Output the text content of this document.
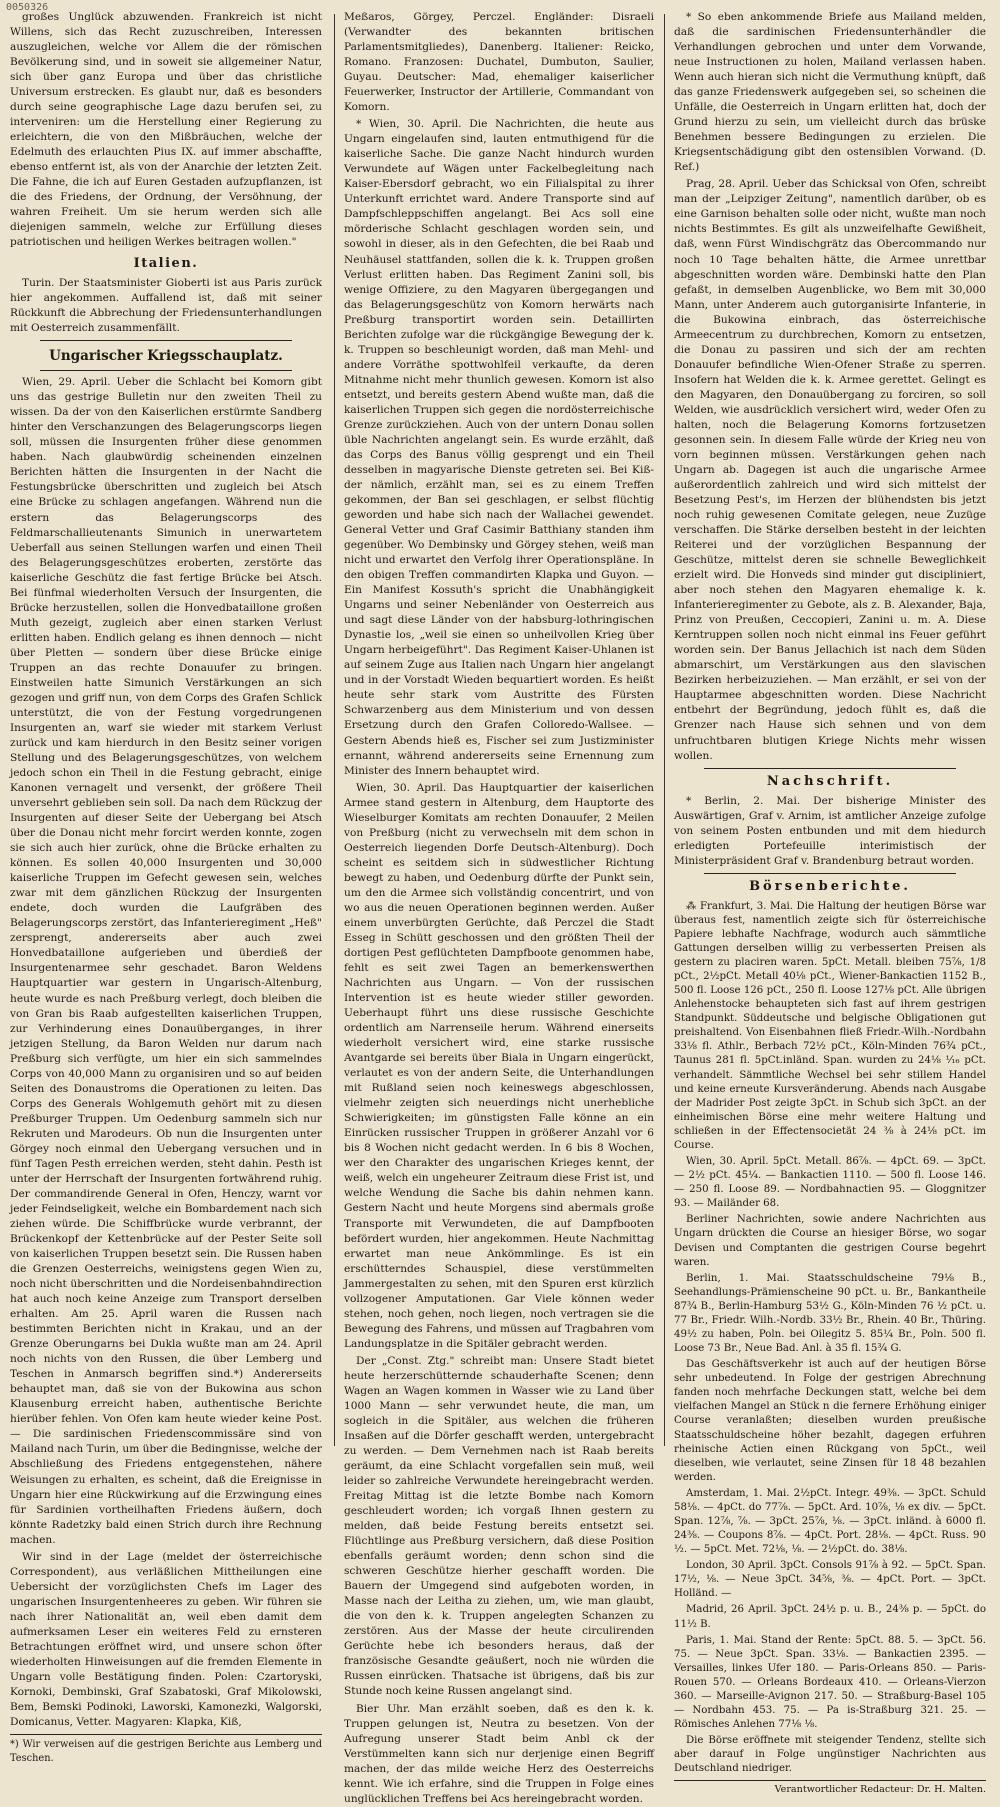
0050326

großes Unglück abzuwenden. Frankreich ist nicht Willens, sich das Recht zuzuschreiben, Interessen auszugleichen, welche vor Allem die der römischen Bevölkerung sind, und in soweit sie allgemeiner Natur, sich über ganz Europa und über das christliche Universum erstrecken. Es glaubt nur, daß es besonders durch seine geographische Lage dazu berufen sei, zu interveniren: um die Herstellung einer Regierung zu erleichtern, die von den Mißbräuchen, welche der Edelmuth des erlauchten Pius IX. auf immer abschaffte, ebenso entfernt ist, als von der Anarchie der letzten Zeit. Die Fahne, die ich auf Euren Gestaden aufzupflanzen, ist die des Friedens, der Ordnung, der Versöhnung, der wahren Freiheit. Um sie herum werden sich alle diejenigen sammeln, welche zur Erfüllung dieses patriotischen und heiligen Werkes beitragen wollen."

Italien.

Turin. Der Staatsminister Gioberti ist aus Paris zurück hier angekommen. Auffallend ist, daß mit seiner Rückkunft die Abbrechung der Friedensunterhandlungen mit Oesterreich zusammenfällt.

Ungarischer Kriegsschauplatz.

Wien, 29. April. Ueber die Schlacht bei Komorn gibt uns das gestrige Bulletin nur den zweiten Theil zu wissen. Da der von den Kaiserlichen erstürmte Sandberg hinter den Verschanzungen des Belagerungscorps liegen soll, müssen die Insurgenten früher diese genommen haben. Nach glaubwürdig scheinenden einzelnen Berichten hätten die Insurgenten in der Nacht die Festungsbrücke überschritten und zugleich bei Atsch eine Brücke zu schlagen angefangen. Während nun die erstern das Belagerungscorps des Feldmarschallieutenants Simunich in unerwartetem Ueberfall aus seinen Stellungen warfen und einen Theil des Belagerungsgeschützes eroberten, zerstörte das kaiserliche Geschütz die fast fertige Brücke bei Atsch. Bei fünfmal wiederholten Versuch der Insurgenten, die Brücke herzustellen, sollen die Honvedbataillone großen Muth gezeigt, zugleich aber einen starken Verlust erlitten haben. Endlich gelang es ihnen dennoch — nicht über Pletten — sondern über diese Brücke einige Truppen an das rechte Donauufer zu bringen. Einstweilen hatte Simunich Verstärkungen an sich gezogen und griff nun, von dem Corps des Grafen Schlick unterstützt, die von der Festung vorgedrungenen Insurgenten an, warf sie wieder mit starkem Verlust zurück und kam hierdurch in den Besitz seiner vorigen Stellung und des Belagerungsgeschützes, von welchem jedoch schon ein Theil in die Festung gebracht, einige Kanonen vernagelt und versenkt, der größere Theil unversehrt geblieben sein soll. Da nach dem Rückzug der Insurgenten auf dieser Seite der Uebergang bei Atsch über die Donau nicht mehr forcirt werden konnte, zogen sie sich auch hier zurück, ohne die Brücke erhalten zu können. Es sollen 40,000 Insurgenten und 30,000 kaiserliche Truppen im Gefecht gewesen sein, welches zwar mit dem gänzlichen Rückzug der Insurgenten endete, doch wurden die Laufgräben des Belagerungscorps zerstört, das Infanterieregiment „Heß" zersprengt, andererseits aber auch zwei Honvedbataillone aufgerieben und überdieß der Insurgentenarmee sehr geschadet. Baron Weldens Hauptquartier war gestern in Ungarisch-Altenburg, heute wurde es nach Preßburg verlegt, doch bleiben die von Gran bis Raab aufgestellten kaiserlichen Truppen, zur Verhinderung eines Donauüberganges, in ihrer jetzigen Stellung, da Baron Welden nur darum nach Preßburg sich verfügte, um hier ein sich sammelndes Corps von 40,000 Mann zu organisiren und so auf beiden Seiten des Donaustroms die Operationen zu leiten. Das Corps des Generals Wohlgemuth gehört mit zu diesen Preßburger Truppen. Um Oedenburg sammeln sich nur Rekruten und Marodeurs. Ob nun die Insurgenten unter Görgey noch einmal den Uebergang versuchen und in fünf Tagen Pesth erreichen werden, steht dahin. Pesth ist unter der Herrschaft der Insurgenten fortwährend ruhig. Der commandirende General in Ofen, Henczy, warnt vor jeder Feindseligkeit, welche ein Bombardement nach sich ziehen würde. Die Schiffbrücke wurde verbrannt, der Brückenkopf der Kettenbrücke auf der Pester Seite soll von kaiserlichen Truppen besetzt sein. Die Russen haben die Grenzen Oesterreichs, weinigstens gegen Wien zu, noch nicht überschritten und die Nordeisenbahndirection hat auch noch keine Anzeige zum Transport derselben erhalten. Am 25. April waren die Russen nach bestimmten Berichten nicht in Krakau, und an der Grenze Oberungarns bei Dukla wußte man am 24. April noch nichts von den Russen, die über Lemberg und Teschen in Anmarsch begriffen sind.*) Andererseits behauptet man, daß sie von der Bukowina aus schon Klausenburg erreicht haben, authentische Berichte hierüber fehlen. Von Ofen kam heute wieder keine Post. — Die sardinischen Friedenscommissäre sind von Mailand nach Turin, um über die Bedingnisse, welche der Abschließung des Friedens entgegenstehen, nähere Weisungen zu erhalten, es scheint, daß die Ereignisse in Ungarn hier eine Rückwirkung auf die Erzwingung eines für Sardinien vortheilhaften Friedens äußern, doch könnte Radetzky bald einen Strich durch ihre Rechnung machen.

Wir sind in der Lage (meldet der österreichische Correspondent), aus verläßlichen Mittheilungen eine Uebersicht der vorzüglichsten Chefs im Lager des ungarischen Insurgentenheeres zu geben. Wir führen sie nach ihrer Nationalität an, weil eben damit dem aufmerksamen Leser ein weiteres Feld zu ernsteren Betrachtungen eröffnet wird, und unsere schon öfter wiederholten Hinweisungen auf die fremden Elemente in Ungarn volle Bestätigung finden. Polen: Czartoryski, Kornoki, Dembinski, Graf Szabatoski, Graf Mikolowski, Bem, Bemski Podinoki, Laworski, Kamonezki, Walgorski, Domicanus, Vetter. Magyaren: Klapka, Kiß,

*) Wir verweisen auf die gestrigen Berichte aus Lemberg und Teschen.

Meßaros, Görgey, Perczel. Engländer: Disraeli (Verwandter des bekannten britischen Parlamentsmitgliedes), Danenberg. Italiener: Reicko, Romano. Franzosen: Duchatel, Dumbuton, Saulier, Guyau. Deutscher: Mad, ehemaliger kaiserlicher Feuerwerker, Instructor der Artillerie, Commandant von Komorn.

* Wien, 30. April. Die Nachrichten, die heute aus Ungarn eingelaufen sind, lauten entmuthigend für die kaiserliche Sache. Die ganze Nacht hindurch wurden Verwundete auf Wägen unter Fackelbegleitung nach Kaiser-Ebersdorf gebracht, wo ein Filialspital zu ihrer Unterkunft errichtet ward. Andere Transporte sind auf Dampfschleppschiffen angelangt. Bei Acs soll eine mörderische Schlacht geschlagen worden sein, und sowohl in dieser, als in den Gefechten, die bei Raab und Neuhäusel stattfanden, sollen die k. k. Truppen großen Verlust erlitten haben. Das Regiment Zanini soll, bis wenige Offiziere, zu den Magyaren übergegangen und das Belagerungsgeschütz von Komorn herwärts nach Preßburg transportirt worden sein. Detaillirten Berichten zufolge war die rückgängige Bewegung der k. k. Truppen so beschleunigt worden, daß man Mehl- und andere Vorräthe spottwohlfeil verkaufte, da deren Mitnahme nicht mehr thunlich gewesen. Komorn ist also entsetzt, und bereits gestern Abend wußte man, daß die kaiserlichen Truppen sich gegen die nordösterreichische Grenze zurückziehen. Auch von der untern Donau sollen üble Nachrichten angelangt sein. Es wurde erzählt, daß das Corps des Banus völlig gesprengt und ein Theil desselben in magyarische Dienste getreten sei. Bei Kiß-der nämlich, erzählt man, sei es zu einem Treffen gekommen, der Ban sei geschlagen, er selbst flüchtig geworden und habe sich nach der Wallachei gewendet. General Vetter und Graf Casimir Batthiany standen ihm gegenüber. Wo Dembinsky und Görgey stehen, weiß man nicht und erwartet den Verfolg ihrer Operationspläne. In den obigen Treffen commandirten Klapka und Guyon. — Ein Manifest Kossuth's spricht die Unabhängigkeit Ungarns und seiner Nebenländer von Oesterreich aus und sagt diese Länder von der habsburg-lothringischen Dynastie los, „weil sie einen so unheilvollen Krieg über Ungarn herbeigeführt". Das Regiment Kaiser-Uhlanen ist auf seinem Zuge aus Italien nach Ungarn hier angelangt und in der Vorstadt Wieden bequartiert worden. Es heißt heute sehr stark vom Austritte des Fürsten Schwarzenberg aus dem Ministerium und von dessen Ersetzung durch den Grafen Colloredo-Wallsee. — Gestern Abends hieß es, Fischer sei zum Justizminister ernannt, während andererseits seine Ernennung zum Minister des Innern behauptet wird.

Wien, 30. April. Das Hauptquartier der kaiserlichen Armee stand gestern in Altenburg, dem Hauptorte des Wieselburger Komitats am rechten Donauufer, 2 Meilen von Preßburg (nicht zu verwechseln mit dem schon in Oesterreich liegenden Dorfe Deutsch-Altenburg). Doch scheint es seitdem sich in südwestlicher Richtung bewegt zu haben, und Oedenburg dürfte der Punkt sein, um den die Armee sich vollständig concentrirt, und von wo aus die neuen Operationen beginnen werden. Außer einem unverbürgten Gerüchte, daß Perczel die Stadt Esseg in Schütt geschossen und den größten Theil der dortigen Pest geflüchteten Dampfboote genommen habe, fehlt es seit zwei Tagen an bemerkenswerthen Nachrichten aus Ungarn. — Von der russischen Intervention ist es heute wieder stiller geworden. Ueberhaupt führt uns diese russische Geschichte ordentlich am Narrenseile herum. Während einerseits wiederholt versichert wird, eine starke russische Avantgarde sei bereits über Biala in Ungarn eingerückt, verlautet es von der andern Seite, die Unterhandlungen mit Rußland seien noch keineswegs abgeschlossen, vielmehr zeigten sich neuerdings nicht unerhebliche Schwierigkeiten; im günstigsten Falle könne an ein Einrücken russischer Truppen in größerer Anzahl vor 6 bis 8 Wochen nicht gedacht werden. In 6 bis 8 Wochen, wer den Charakter des ungarischen Krieges kennt, der weiß, welch ein ungeheurer Zeitraum diese Frist ist, und welche Wendung die Sache bis dahin nehmen kann. Gestern Nacht und heute Morgens sind abermals große Transporte mit Verwundeten, die auf Dampfbooten befördert wurden, hier angekommen. Heute Nachmittag erwartet man neue Ankömmlinge. Es ist ein erschütterndes Schauspiel, diese verstümmelten Jammergestalten zu sehen, mit den Spuren erst kürzlich vollzogener Amputationen. Gar Viele können weder stehen, noch gehen, noch liegen, noch vertragen sie die Bewegung des Fahrens, und müssen auf Tragbahren vom Landungsplatze in die Spitäler gebracht werden.

Der „Const. Ztg." schreibt man: Unsere Stadt bietet heute herzerschütternde schauderhafte Scenen; denn Wagen an Wagen kommen in Wasser wie zu Land über 1000 Mann — sehr verwundet heute, die man, um sogleich in die Spitäler, aus welchen die früheren Insaßen auf die Dörfer geschafft werden, untergebracht zu werden. — Dem Vernehmen nach ist Raab bereits geräumt, da eine Schlacht vorgefallen sein muß, weil leider so zahlreiche Verwundete hereingebracht werden. Freitag Mittag ist die letzte Bombe nach Komorn geschleudert worden; ich vorgaß Ihnen gestern zu melden, daß beide Festung bereits entsetzt sei. Flüchtlinge aus Preßburg versichern, daß diese Position ebenfalls geräumt worden; denn schon sind die schweren Geschütze hierher geschafft worden. Die Bauern der Umgegend sind aufgeboten worden, in Masse nach der Leitha zu ziehen, um, wie man glaubt, die von den k. k. Truppen angelegten Schanzen zu zerstören. Aus der Masse der heute circulirenden Gerüchte hebe ich besonders heraus, daß der französische Gesandte geäußert, noch nie würden die Russen einrücken. Thatsache ist übrigens, daß bis zur Stunde noch keine Russen angelangt sind.

Bier Uhr. Man erzählt soeben, daß es den k. k. Truppen gelungen ist, Neutra zu besetzen. Von der Aufregung unserer Stadt beim Anbl ck der Verstümmelten kann sich nur derjenige einen Begriff machen, der das milde weiche Herz des Oesterreichs kennt. Wie ich erfahre, sind die Truppen in Folge eines unglücklichen Treffens bei Acs hereingebracht worden.

* So eben ankommende Briefe aus Mailand melden, daß die sardinischen Friedensunterhändler die Verhandlungen gebrochen und unter dem Vorwande, neue Instructionen zu holen, Mailand verlassen haben. Wenn auch hieran sich nicht die Vermuthung knüpft, daß das ganze Friedenswerk aufgegeben sei, so scheinen die Unfälle, die Oesterreich in Ungarn erlitten hat, doch der Grund hierzu zu sein, um vielleicht durch das brüske Benehmen bessere Bedingungen zu erzielen. Die Kriegsentschädigung gibt den ostensiblen Vorwand. (D. Ref.)

Prag, 28. April. Ueber das Schicksal von Ofen, schreibt man der „Leipziger Zeitung", namentlich darüber, ob es eine Garnison behalten solle oder nicht, wußte man noch nichts Bestimmtes. Es gilt als unzweifelhafte Gewißheit, daß, wenn Fürst Windischgrätz das Obercommando nur noch 10 Tage behalten hätte, die Armee unrettbar abgeschnitten worden wäre. Dembinski hatte den Plan gefaßt, in demselben Augenblicke, wo Bem mit 30,000 Mann, unter Anderem auch gutorganisirte Infanterie, in die Bukowina einbrach, das österreichische Armeecentrum zu durchbrechen, Komorn zu entsetzen, die Donau zu passiren und sich der am rechten Donauufer befindliche Wien-Ofener Straße zu sperren. Insofern hat Welden die k. k. Armee gerettet. Gelingt es den Magyaren, den Donauübergang zu forciren, so soll Welden, wie ausdrücklich versichert wird, weder Ofen zu halten, noch die Belagerung Komorns fortzusetzen gesonnen sein. In diesem Falle würde der Krieg neu von vorn beginnen müssen. Verstärkungen gehen nach Ungarn ab. Dagegen ist auch die ungarische Armee außerordentlich zahlreich und wird sich mittelst der Besetzung Pest's, im Herzen der blühendsten bis jetzt noch ruhig gewesenen Comitate gelegen, neue Zuzüge verschaffen. Die Stärke derselben besteht in der leichten Reiterei und der vorzüglichen Bespannung der Geschütze, mittelst deren sie schnelle Beweglichkeit erzielt wird. Die Honveds sind minder gut discipliniert, aber noch stehen den Magyaren ehemalige k. k. Infanterieregimenter zu Gebote, als z. B. Alexander, Baja, Prinz von Preußen, Ceccopieri, Zanini u. m. A. Diese Kerntruppen sollen noch nicht einmal ins Feuer geführt worden sein. Der Banus Jellachich ist nach dem Süden abmarschirt, um Verstärkungen aus den slavischen Bezirken herbeizuziehen. — Man erzählt, er sei von der Hauptarmee abgeschnitten worden. Diese Nachricht entbehrt der Begründung, jedoch fühlt es, daß die Grenzer nach Hause sich sehnen und von dem unfruchtbaren blutigen Kriege Nichts mehr wissen wollen.

Nachschrift.

* Berlin, 2. Mai. Der bisherige Minister des Auswärtigen, Graf v. Arnim, ist amtlicher Anzeige zufolge von seinem Posten entbunden und mit dem hiedurch erledigten Portefeuille interimistisch der Ministerpräsident Graf v. Brandenburg betraut worden.

Börsenberichte.

⁂ Frankfurt, 3. Mai. Die Haltung der heutigen Börse war überaus fest, namentlich zeigte sich für österreichische Papiere lebhafte Nachfrage, wodurch auch sämmtliche Gattungen derselben willig zu verbesserten Preisen als gestern zu placiren waren. 5pCt. Metall. bleiben 75⅞, 1/8 pCt., 2½pCt. Metall 40⅛ pCt., Wiener-Bankactien 1152 B., 500 fl. Loose 126 pCt., 250 fl. Loose 127⅛ pCt. Alle übrigen Anlehenstocke behaupteten sich fast auf ihrem gestrigen Standpunkt. Süddeutsche und belgische Obligationen gut preishaltend. Von Eisenbahnen fließ Friedr.-Wilh.-Nordbahn 33⅛ fl. Athlr., Berbach 72½ pCt., Köln-Minden 76¾ pCt., Taunus 281 fl. 5pCt.inländ. Span. wurden zu 24⅛ ⅟₁₆ pCt. verhandelt. Sämmtliche Wechsel bei sehr stillem Handel und keine erneute Kursveränderung. Abends nach Ausgabe der Madrider Post zeigte 3pCt. in Schub sich 3pCt. an der einheimischen Börse eine mehr weitere Haltung und schließen in der Effectensocietät 24 ⅜ à 24⅛ pCt. im Course.

Wien, 30. April. 5pCt. Metall. 86⅞. — 4pCt. 69. — 3pCt. — 2½ pCt. 45¼. — Bankactien 1110. — 500 fl. Loose 146. — 250 fl. Loose 89. — Nordbahnactien 95. — Gloggnitzer 93. — Mailänder 68.

Berliner Nachrichten, sowie andere Nachrichten aus Ungarn drückten die Course an hiesiger Börse, wo sogar Devisen und Comptanten die gestrigen Course begehrt waren.

Berlin, 1. Mai. Staatsschuldscheine 79⅛ B., Seehandlungs-Prämienscheine 90 pCt. u. Br., Bankantheile 87¾ B., Berlin-Hamburg 53½ G., Köln-Minden 76 ½ pCt. u. 77 Br., Friedr. Wilh.-Nordb. 33½ Br., Rhein. 40 Br., Thüring. 49½ zu haben, Poln. bei Oilegitz 5. 85¼ Br., Poln. 500 fl. Loose 73 Br., Neue Bad. Anl. à 35 fl. 15¾ G.

Das Geschäftsverkehr ist auch auf der heutigen Börse sehr unbedeutend. In Folge der gestrigen Abrechnung fanden noch mehrfache Deckungen statt, welche bei dem vielfachen Mangel an Stück n die fernere Erhöhung einiger Course veranlaßten; dieselben wurden preußische Staatsschuldscheine höher bezahlt, dagegen erfuhren rheinische Actien einen Rückgang von 5pCt., weil dieselben, wie verlautet, seine Zinsen für 18 48 bezahlen werden.

Amsterdam, 1. Mai. 2½pCt. Integr. 49⅜. — 3pCt. Schuld 58⅛. — 4pCt. do 77⅞. — 5pCt. Ard. 10⅞, ⅛ ex div. — 5pCt. Span. 12⅞, ⅞. — 3pCt. 25⅞, ⅛. — 3pCt. inländ. à 6000 fl. 24⅜. — Coupons 8⅞. — 4pCt. Port. 28⅛. — 4pCt. Russ. 90 ½. — 5pCt. Met. 72⅛, ⅛. — 2½pCt. do. 38⅛.

London, 30 April. 3pCt. Consols 91⅞ à 92. — 5pCt. Span. 17½, ⅛. — Neue 3pCt. 34⅝, ⅜. — 4pCt. Port. — 3pCt. Holländ. —

Madrid, 26 April. 3pCt. 24½ p. u. B., 24⅜ p. — 5pCt. do 11½ B.

Paris, 1. Mai. Stand der Rente: 5pCt. 88. 5. — 3pCt. 56. 75. — Neue 3pCt. Span. 33⅛. — Bankactien 2395. — Versailles, linkes Ufer 180. — Paris-Orleans 850. — Paris-Rouen 570. — Orleans Bordeaux 410. — Orleans-Vierzon 360. — Marseille-Avignon 217. 50. — Straßburg-Basel 105 — Nordbahn 453. 75. — Pa is-Straßburg 321. 25. — Römisches Anlehen 77⅛ ⅛.

Die Börse eröffnete mit steigender Tendenz, stellte sich aber darauf in Folge ungünstiger Nachrichten aus Deutschland niedriger.

Verantwortlicher Redacteur: Dr. H. Malten.
